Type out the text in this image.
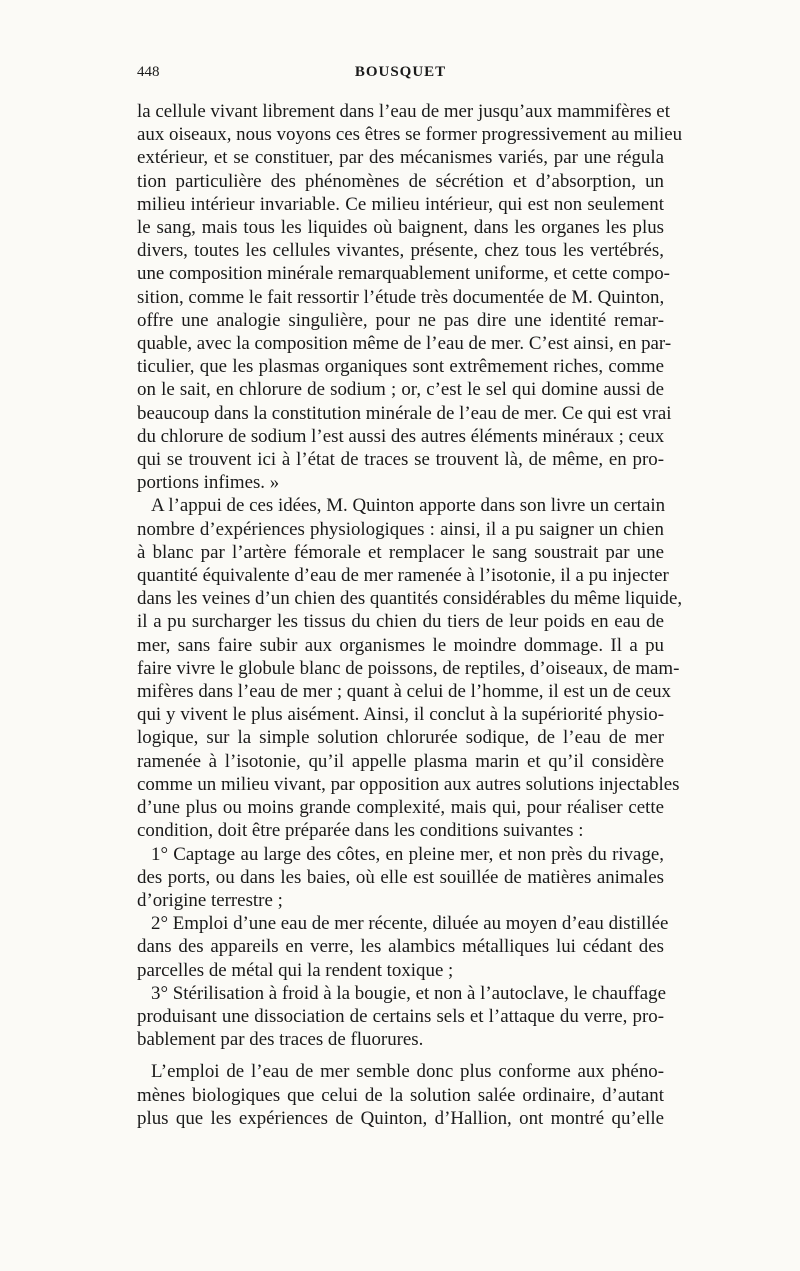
448	BOUSQUET
la cellule vivant librement dans l’eau de mer jusqu’aux mammifères et
aux oiseaux, nous voyons ces êtres se former progressivement au milieu
extérieur, et se constituer, par des mécanismes variés, par une régula
tion particulière des phénomènes de sécrétion et d’absorption, un
milieu intérieur invariable. Ce milieu intérieur, qui est non seulement
le sang, mais tous les liquides où baignent, dans les organes les plus
divers, toutes les cellules vivantes, présente, chez tous les vertébrés,
une composition minérale remarquablement uniforme, et cette compo-
sition, comme le fait ressortir l’étude très documentée de M. Quinton,
offre une analogie singulière, pour ne pas dire une identité remar-
quable, avec la composition même de l’eau de mer. C’est ainsi, en par-
ticulier, que les plasmas organiques sont extrêmement riches, comme
on le sait, en chlorure de sodium ; or, c’est le sel qui domine aussi de
beaucoup dans la constitution minérale de l’eau de mer. Ce qui est vrai
du chlorure de sodium l’est aussi des autres éléments minéraux ; ceux
qui se trouvent ici à l’état de traces se trouvent là, de même, en pro-
portions infimes. »
A l’appui de ces idées, M. Quinton apporte dans son livre un certain
nombre d’expériences physiologiques : ainsi, il a pu saigner un chien
à blanc par l’artère fémorale et remplacer le sang soustrait par une
quantité équivalente d’eau de mer ramenée à l’isotonie, il a pu injecter
dans les veines d’un chien des quantités considérables du même liquide,
il a pu surcharger les tissus du chien du tiers de leur poids en eau de
mer, sans faire subir aux organismes le moindre dommage. Il a pu
faire vivre le globule blanc de poissons, de reptiles, d’oiseaux, de mam-
mifères dans l’eau de mer ; quant à celui de l’homme, il est un de ceux
qui y vivent le plus aisément. Ainsi, il conclut à la supériorité physio-
logique, sur la simple solution chlorurée sodique, de l’eau de mer
ramenée à l’isotonie, qu’il appelle plasma marin et qu’il considère
comme un milieu vivant, par opposition aux autres solutions injectables
d’une plus ou moins grande complexité, mais qui, pour réaliser cette
condition, doit être préparée dans les conditions suivantes :
1° Captage au large des côtes, en pleine mer, et non près du rivage,
des ports, ou dans les baies, où elle est souillée de matières animales
d’origine terrestre ;
2° Emploi d’une eau de mer récente, diluée au moyen d’eau distillée
dans des appareils en verre, les alambics métalliques lui cédant des
parcelles de métal qui la rendent toxique ;
3° Stérilisation à froid à la bougie, et non à l’autoclave, le chauffage
produisant une dissociation de certains sels et l’attaque du verre, pro-
bablement par des traces de fluorures.
L’emploi de l’eau de mer semble donc plus conforme aux phéno-
mènes biologiques que celui de la solution salée ordinaire, d’autant
plus que les expériences de Quinton, d’Hallion, ont montré qu’elle
